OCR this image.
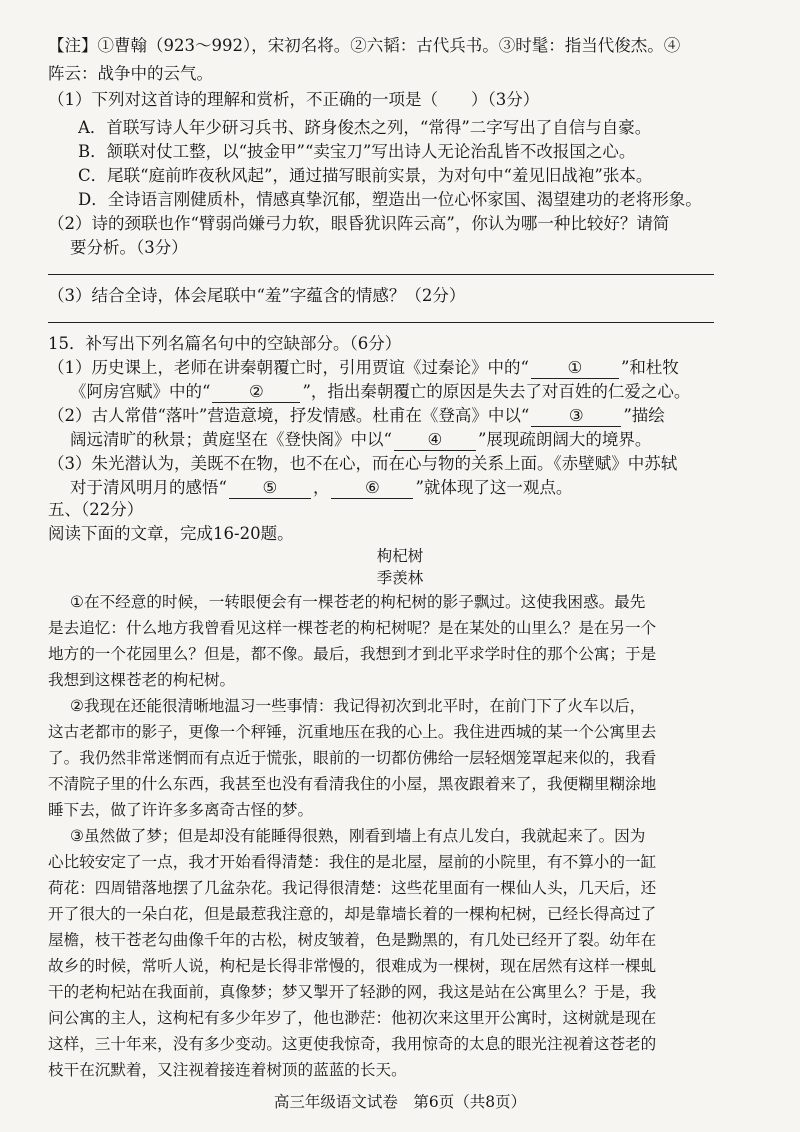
【注】①曹翰（923～992），宋初名将。②六韬：古代兵书。③时髦：指当代俊杰。④
阵云：战争中的云气。
（1）下列对这首诗的理解和赏析，不正确的一项是（　　）（3分）
A．首联写诗人年少研习兵书、跻身俊杰之列，“常得”二字写出了自信与自豪。
B．颔联对仗工整，以“披金甲”“卖宝刀”写出诗人无论治乱皆不改报国之心。
C．尾联“庭前昨夜秋风起”，通过描写眼前实景，为对句中“羞见旧战袍”张本。
D．全诗语言刚健质朴，情感真挚沉郁，塑造出一位心怀家国、渴望建功的老将形象。
（2）诗的颈联也作“臂弱尚嫌弓力软，眼昏犹识阵云高”，你认为哪一种比较好？请简
要分析。（3分）
（3）结合全诗，体会尾联中“羞”字蕴含的情感？（2分）
15．补写出下列名篇名句中的空缺部分。（6分）
（1）历史课上，老师在讲秦朝覆亡时，引用贾谊《过秦论》中的“ ① ”和杜牧
《阿房宫赋》中的“ ② ”，指出秦朝覆亡的原因是失去了对百姓的仁爱之心。
（2）古人常借“落叶”营造意境，抒发情感。杜甫在《登高》中以“ ③ ”描绘
阔远清旷的秋景；黄庭坚在《登快阁》中以“ ④ ”展现疏朗阔大的境界。
（3）朱光潜认为，美既不在物，也不在心，而在心与物的关系上面。《赤壁赋》中苏轼
对于清风明月的感悟“ ⑤ ， ⑥ ”就体现了这一观点。
五、（22分）
阅读下面的文章，完成16-20题。
枸杞树
季羡林
①在不经意的时候，一转眼便会有一棵苍老的枸杞树的影子飘过。这使我困惑。最先
是去追忆：什么地方我曾看见这样一棵苍老的枸杞树呢？是在某处的山里么？是在另一个
地方的一个花园里么？但是，都不像。最后，我想到才到北平求学时住的那个公寓；于是
我想到这棵苍老的枸杞树。
②我现在还能很清晰地温习一些事情：我记得初次到北平时，在前门下了火车以后，
这古老都市的影子，更像一个秤锤，沉重地压在我的心上。我住进西城的某一个公寓里去
了。我仍然非常迷惘而有点近于慌张，眼前的一切都仿佛给一层轻烟笼罩起来似的，我看
不清院子里的什么东西，我甚至也没有看清我住的小屋，黑夜跟着来了，我便糊里糊涂地
睡下去，做了许许多多离奇古怪的梦。
③虽然做了梦；但是却没有能睡得很熟，刚看到墙上有点儿发白，我就起来了。因为
心比较安定了一点，我才开始看得清楚：我住的是北屋，屋前的小院里，有不算小的一缸
荷花：四周错落地摆了几盆杂花。我记得很清楚：这些花里面有一棵仙人头，几天后，还
开了很大的一朵白花，但是最惹我注意的，却是靠墙长着的一棵枸杞树，已经长得高过了
屋檐，枝干苍老勾曲像千年的古松，树皮皱着，色是黝黑的，有几处已经开了裂。幼年在
故乡的时候，常听人说，枸杞是长得非常慢的，很难成为一棵树，现在居然有这样一棵虬
干的老枸杞站在我面前，真像梦；梦又掣开了轻渺的网，我这是站在公寓里么？于是，我
问公寓的主人，这枸杞有多少年岁了，他也渺茫：他初次来这里开公寓时，这树就是现在
这样，三十年来，没有多少变动。这更使我惊奇，我用惊奇的太息的眼光注视着这苍老的
枝干在沉默着，又注视着接连着树顶的蓝蓝的长天。
高三年级语文试卷　第6页（共8页）
